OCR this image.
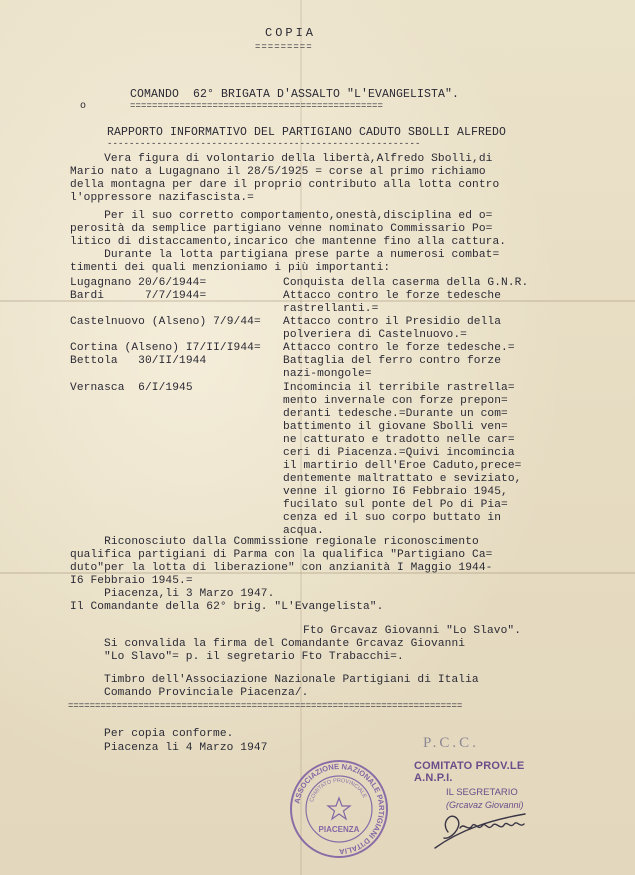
COPIA
=========
COMANDO  62° BRIGATA D'ASSALTO "L'EVANGELISTA".
o	==============================================
RAPPORTO INFORMATIVO DEL PARTIGIANO CADUTO SBOLLI ALFREDO
---------------------------------------------------------
Vera figura di volontario della libertà,Alfredo Sbolli,di
Mario nato a Lugagnano il 28/5/1925 = corse al primo richiamo
della montagna per dare il proprio contributo alla lotta contro
l'oppressore nazifascista.=
Per il suo corretto comportamento,onestà,disciplina ed o=
perosità da semplice partigiano venne nominato Commissario Po=
litico di distaccamento,incarico che mantenne fino alla cattura.
Durante la lotta partigiana prese parte a numerosi combat=
timenti dei quali menzioniamo i più importanti:
Lugagnano 20/6/1944=	Conquista della caserma della G.N.R.
Bardi      7/7/1944=	Attacco contro le forze tedesche
rastrellanti.=
Castelnuovo (Alseno) 7/9/44= Attacco contro il Presidio della
polveriera di Castelnuovo.=
Cortina (Alseno) I7/II/I944= Attacco contro le forze tedesche.=
Bettola   30/II/1944	Battaglia del ferro contro forze
nazi-mongole=
Vernasca  6/I/1945	Incomincia il terribile rastrella=
mento invernale con forze prepon=
deranti tedesche.=Durante un com=
battimento il giovane Sbolli ven=
ne catturato e tradotto nelle car=
ceri di Piacenza.=Quivi incomincia
il martirio dell'Eroe Caduto,prece=
dentemente maltrattato e seviziato,
venne il giorno I6 Febbraio 1945,
fucilato sul ponte del Po di Pia=
cenza ed il suo corpo buttato in
acqua.
Riconosciuto dalla Commissione regionale riconoscimento
qualifica partigiani di Parma con la qualifica "Partigiano Ca=
duto"per la lotta di liberazione" con anzianità I Maggio 1944-
I6 Febbraio 1945.=
Piacenza,li 3 Marzo 1947.
Il Comandante della 62° brig. "L'Evangelista".
Fto Grcavaz Giovanni "Lo Slavo".
Si convalida la firma del Comandante Grcavaz Giovanni
"Lo Slavo"= p. il segretario Fto Trabacchi=.
Timbro dell'Associazione Nazionale Partigiani di Italia
Comando Provinciale Piacenza/.
=========================================================================
Per copia conforme.
Piacenza li 4 Marzo 1947	P.C.C.
COMITATO PROV.LE A.N.P.I.
IL SEGRETARIO
(Grcavaz Giovanni)
ASSOCIAZIONE NAZIONALE PARTIGIANI D'ITALIA
COMITATO PROVINCIALE
PIACENZA
